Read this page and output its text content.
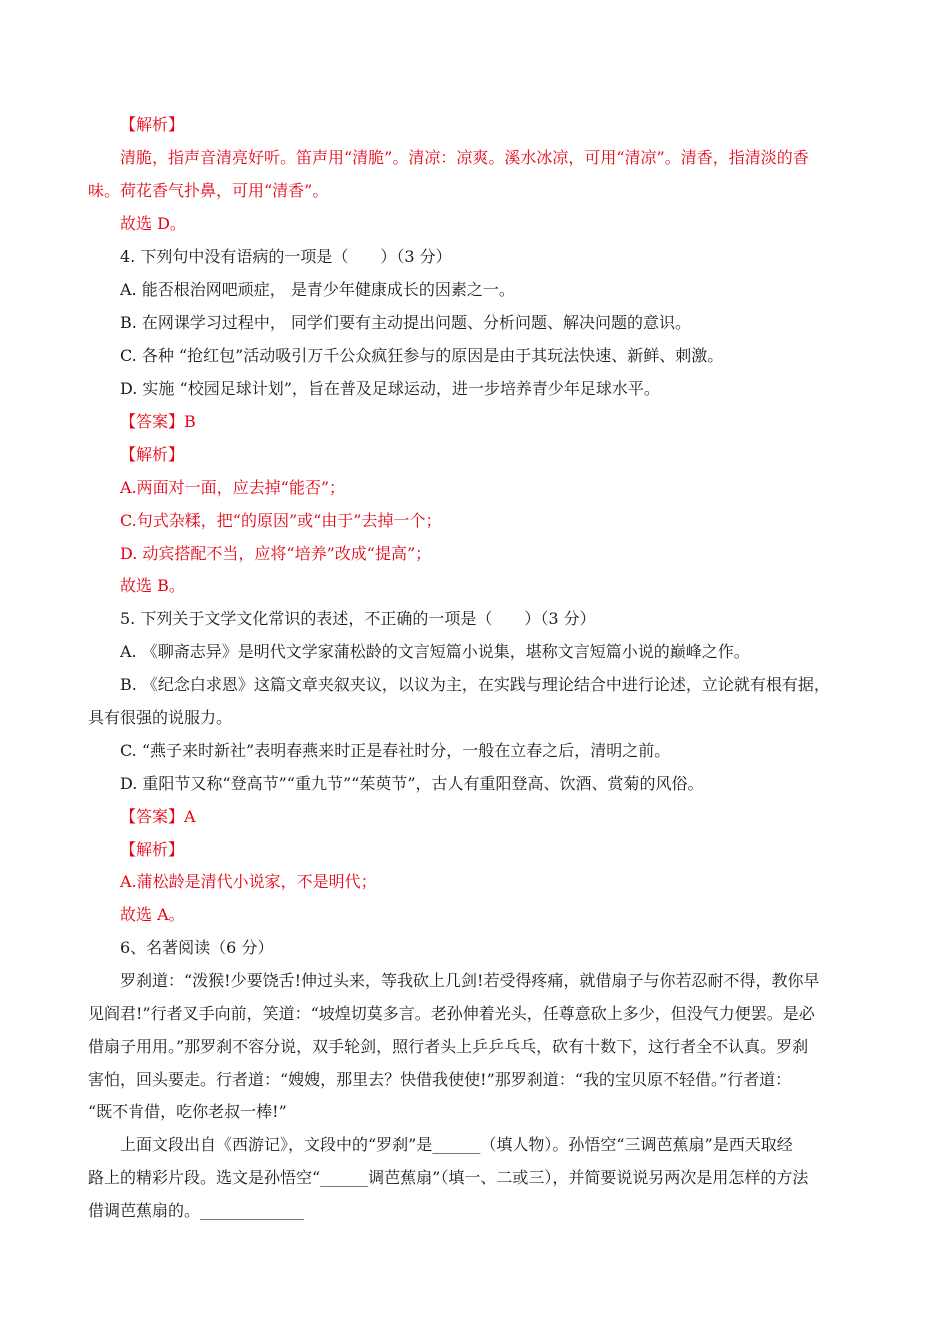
【解析】
清脆，指声音清亮好听。笛声用“清脆”。清凉：凉爽。溪水冰凉，可用“清凉”。清香，指清淡的香
味。荷花香气扑鼻，可用“清香”。
故选 D。
4. 下列句中没有语病的一项是（　　）（3 分）
A. 能否根治网吧顽症， 是青少年健康成长的因素之一。
B. 在网课学习过程中， 同学们要有主动提出问题、分析问题、解决问题的意识。
C. 各种 “抢红包”活动吸引万千公众疯狂参与的原因是由于其玩法快速、新鲜、刺激。
D. 实施 “校园足球计划”，旨在普及足球运动，进一步培养青少年足球水平。
【答案】B
【解析】
A.两面对一面，应去掉“能否”；
C.句式杂糅，把“的原因”或“由于”去掉一个；
D. 动宾搭配不当，应将“培养”改成“提高”；
故选 B。
5. 下列关于文学文化常识的表述，不正确的一项是（　　）（3 分）
A. 《聊斋志异》是明代文学家蒲松龄的文言短篇小说集，堪称文言短篇小说的巅峰之作。
B. 《纪念白求恩》这篇文章夹叙夹议，以议为主，在实践与理论结合中进行论述，立论就有根有据，
具有很强的说服力。
C. “燕子来时新社”表明春燕来时正是春社时分，一般在立春之后，清明之前。
D. 重阳节又称“登高节”“重九节”“茱萸节”，古人有重阳登高、饮酒、赏菊的风俗。
【答案】A
【解析】
A.蒲松龄是清代小说家，不是明代；
故选 A。
6、名著阅读（6 分）
罗刹道：“泼猴!少要饶舌!伸过头来，等我砍上几剑!若受得疼痛，就借扇子与你若忍耐不得，教你早
见阎君!”行者叉手向前，笑道：“坡煌切莫多言。老孙伸着光头，任尊意砍上多少，但没气力便罢。是必
借扇子用用。”那罗刹不容分说，双手轮剑，照行者头上乒乒乓乓，砍有十数下，这行者全不认真。罗刹
害怕，回头要走。行者道：“嫂嫂，那里去？快借我使使!”那罗刹道：“我的宝贝原不轻借。”行者道：
“既不肯借，吃你老叔一棒!”
上面文段出自《西游记》，文段中的“罗刹”是______（填人物）。孙悟空“三调芭蕉扇”是西天取经
路上的精彩片段。选文是孙悟空“______调芭蕉扇”（填一、二或三），并简要说说另两次是用怎样的方法
借调芭蕉扇的。_____________
